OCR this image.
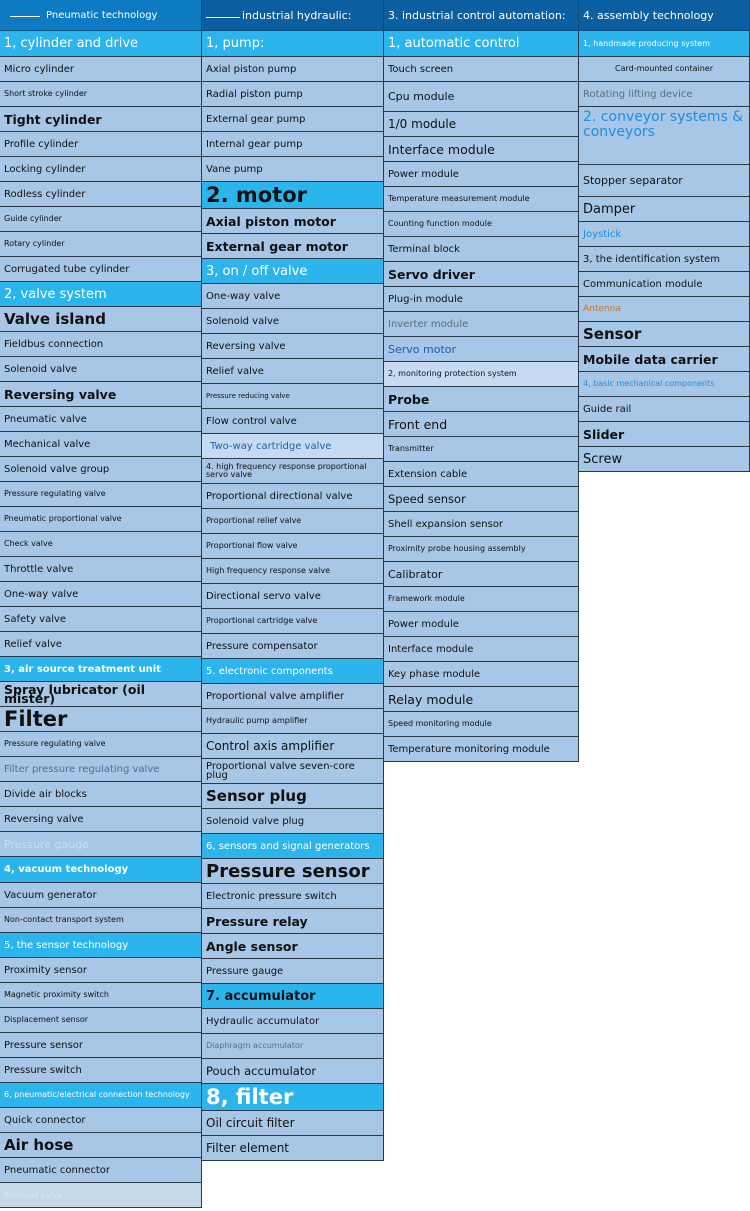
Pneumatic technology
1, cylinder and drive
Micro cylinder
Short stroke cylinder
Tight cylinder
Profile cylinder
Locking cylinder
Rodless cylinder
Guide cylinder
Rotary cylinder
Corrugated tube cylinder
2, valve system
Valve island
Fieldbus connection
Solenoid valve
Reversing valve
Pneumatic valve
Mechanical valve
Solenoid valve group
Pressure regulating valve
Pneumatic proportional valve
Check valve
Throttle valve
One-way valve
Safety valve
Relief valve
3, air source treatment unit
Spray lubricator (oil mister)
Filter
Pressure regulating valve
Filter pressure regulating valve
Divide air blocks
Reversing valve
Pressure gauge
4, vacuum technology
Vacuum generator
Non-contact transport system
5, the sensor technology
Proximity sensor
Magnetic proximity switch
Displacement sensor
Pressure sensor
Pressure switch
6, pneumatic/electrical connection technology
Quick connector
Air hose
Pneumatic connector
Solenoid valve
industrial hydraulic:
1, pump:
Axial piston pump
Radial piston pump
External gear pump
Internal gear pump
Vane pump
2. motor
Axial piston motor
External gear motor
3, on / off valve
One-way valve
Solenoid valve
Reversing valve
Relief valve
Pressure reducing valve
Flow control valve
Two-way cartridge valve
4. high frequency response proportional servo valve
Proportional directional valve
Proportional relief valve
Proportional flow valve
High frequency response valve
Directional servo valve
Proportional cartridge valve
Pressure compensator
5. electronic components
Proportional valve amplifier
Hydraulic pump amplifier
Control axis amplifier
Proportional valve seven-core plug
Sensor plug
Solenoid valve plug
6, sensors and signal generators
Pressure sensor
Electronic pressure switch
Pressure relay
Angle sensor
Pressure gauge
7. accumulator
Hydraulic accumulator
Diaphragm accumulator
Pouch accumulator
8, filter
Oil circuit filter
Filter element
3. industrial control automation:
1, automatic control
Touch screen
Cpu module
1/0 module
Interface module
Power module
Temperature measurement module
Counting function module
Terminal block
Servo driver
Plug-in module
Inverter module
Servo motor
2, monitoring protection system
Probe
Front end
Transmitter
Extension cable
Speed sensor
Shell expansion sensor
Proximity probe housing assembly
Calibrator
Framework module
Power module
Interface module
Key phase module
Relay module
Speed monitoring module
Temperature monitoring module
4. assembly technology
1, handmade producing system
Card-mounted container
Rotating lifting device
2. conveyor systems & conveyors
Stopper separator
Damper
Joystick
3, the identification system
Communication module
Antenna
Sensor
Mobile data carrier
4, basic mechanical components
Guide rail
Slider
Screw
